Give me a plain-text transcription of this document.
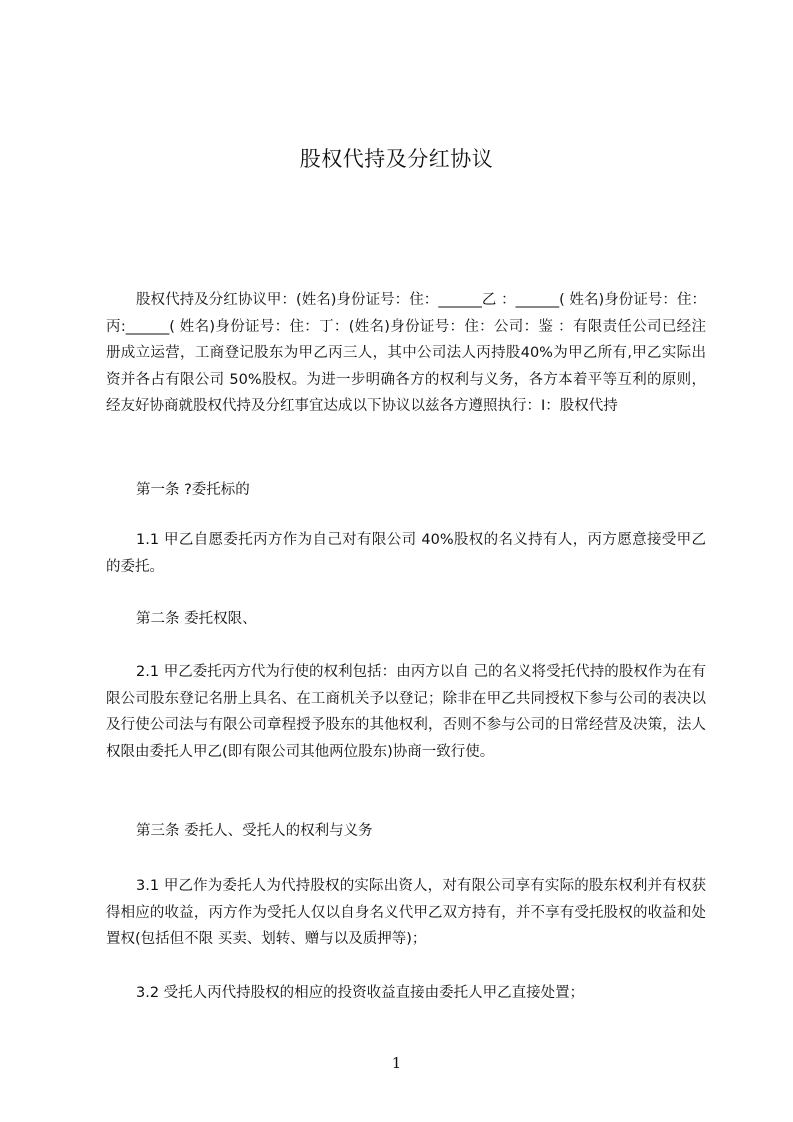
股权代持及分红协议
股权代持及分红协议甲：(姓名)身份证号：住：______乙 ：______( 姓名)身份证号：住：丙:______( 姓名)身份证号：住：丁：(姓名)身份证号：住：公司：鉴 ：有限责任公司已经注册成立运营，工商登记股东为甲乙丙三人，其中公司法人丙持股40%为甲乙所有,甲乙实际出资并各占有限公司 50%股权。为进一步明确各方的权利与义务，各方本着平等互利的原则，经友好协商就股权代持及分红事宜达成以下协议以兹各方遵照执行：Ⅰ：股权代持
第一条 ?委托标的
1.1 甲乙自愿委托丙方作为自己对有限公司 40%股权的名义持有人，丙方愿意接受甲乙的委托。
第二条 委托权限、
2.1 甲乙委托丙方代为行使的权利包括：由丙方以自 己的名义将受托代持的股权作为在有限公司股东登记名册上具名、在工商机关予以登记；除非在甲乙共同授权下参与公司的表决以及行使公司法与有限公司章程授予股东的其他权利，否则不参与公司的日常经营及决策，法人权限由委托人甲乙(即有限公司其他两位股东)协商一致行使。
第三条 委托人、受托人的权利与义务
3.1 甲乙作为委托人为代持股权的实际出资人，对有限公司享有实际的股东权利并有权获得相应的收益，丙方作为受托人仅以自身名义代甲乙双方持有，并不享有受托股权的收益和处置权(包括但不限 买卖、划转、赠与以及质押等)；
3.2 受托人丙代持股权的相应的投资收益直接由委托人甲乙直接处置；
1
